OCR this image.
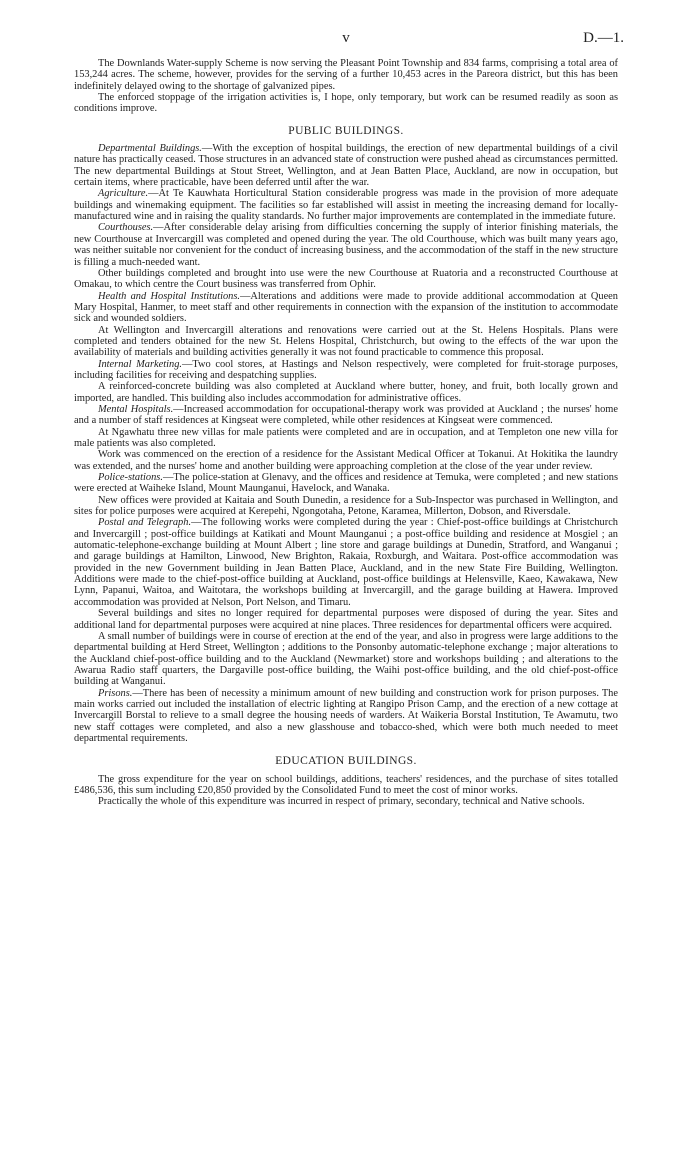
v	D.—1.

The Downlands Water-supply Scheme is now serving the Pleasant Point Township and 834 farms, comprising a total area of 153,244 acres. The scheme, however, provides for the serving of a further 10,453 acres in the Pareora district, but this has been indefinitely delayed owing to the shortage of galvanized pipes.

The enforced stoppage of the irrigation activities is, I hope, only temporary, but work can be resumed readily as soon as conditions improve.

PUBLIC BUILDINGS.

Departmental Buildings.—With the exception of hospital buildings, the erection of new departmental buildings of a civil nature has practically ceased. Those structures in an advanced state of construction were pushed ahead as circumstances permitted. The new departmental Buildings at Stout Street, Wellington, and at Jean Batten Place, Auckland, are now in occupation, but certain items, where practicable, have been deferred until after the war.

Agriculture.—At Te Kauwhata Horticultural Station considerable progress was made in the provision of more adequate buildings and winemaking equipment. The facilities so far established will assist in meeting the increasing demand for locally-manufactured wine and in raising the quality standards. No further major improvements are contemplated in the immediate future.

Courthouses.—After considerable delay arising from difficulties concerning the supply of interior finishing materials, the new Courthouse at Invercargill was completed and opened during the year. The old Courthouse, which was built many years ago, was neither suitable nor convenient for the conduct of increasing business, and the accommodation of the staff in the new structure is filling a much-needed want.

Other buildings completed and brought into use were the new Courthouse at Ruatoria and a reconstructed Courthouse at Omakau, to which centre the Court business was transferred from Ophir.

Health and Hospital Institutions.—Alterations and additions were made to provide additional accommodation at Queen Mary Hospital, Hanmer, to meet staff and other requirements in connection with the expansion of the institution to accommodate sick and wounded soldiers.

At Wellington and Invercargill alterations and renovations were carried out at the St. Helens Hospitals. Plans were completed and tenders obtained for the new St. Helens Hospital, Christchurch, but owing to the effects of the war upon the availability of materials and building activities generally it was not found practicable to commence this proposal.

Internal Marketing.—Two cool stores, at Hastings and Nelson respectively, were completed for fruit-storage purposes, including facilities for receiving and despatching supplies.

A reinforced-concrete building was also completed at Auckland where butter, honey, and fruit, both locally grown and imported, are handled. This building also includes accommodation for administrative offices.

Mental Hospitals.—Increased accommodation for occupational-therapy work was provided at Auckland ; the nurses' home and a number of staff residences at Kingseat were completed, while other residences at Kingseat were commenced.

At Ngawhatu three new villas for male patients were completed and are in occupation, and at Templeton one new villa for male patients was also completed.

Work was commenced on the erection of a residence for the Assistant Medical Officer at Tokanui. At Hokitika the laundry was extended, and the nurses' home and another building were approaching completion at the close of the year under review.

Police-stations.—The police-station at Glenavy, and the offices and residence at Temuka, were completed ; and new stations were erected at Waiheke Island, Mount Maunganui, Havelock, and Wanaka.

New offices were provided at Kaitaia and South Dunedin, a residence for a Sub-Inspector was purchased in Wellington, and sites for police purposes were acquired at Kerepehi, Ngongotaha, Petone, Karamea, Millerton, Dobson, and Riversdale.

Postal and Telegraph.—The following works were completed during the year : Chief-post-office buildings at Christchurch and Invercargill ; post-office buildings at Katikati and Mount Maunganui ; a post-office building and residence at Mosgiel ; an automatic-telephone-exchange building at Mount Albert ; line store and garage buildings at Dunedin, Stratford, and Wanganui ; and garage buildings at Hamilton, Linwood, New Brighton, Rakaia, Roxburgh, and Waitara. Post-office accommodation was provided in the new Government building in Jean Batten Place, Auckland, and in the new State Fire Building, Wellington. Additions were made to the chief-post-office building at Auckland, post-office buildings at Helensville, Kaeo, Kawakawa, New Lynn, Papanui, Waitoa, and Waitotara, the workshops building at Invercargill, and the garage building at Hawera. Improved accommodation was provided at Nelson, Port Nelson, and Timaru.

Several buildings and sites no longer required for departmental purposes were disposed of during the year. Sites and additional land for departmental purposes were acquired at nine places. Three residences for departmental officers were acquired.

A small number of buildings were in course of erection at the end of the year, and also in progress were large additions to the departmental building at Herd Street, Wellington ; additions to the Ponsonby automatic-telephone exchange ; major alterations to the Auckland chief-post-office building and to the Auckland (Newmarket) store and workshops building ; and alterations to the Awarua Radio staff quarters, the Dargaville post-office building, the Waihi post-office building, and the old chief-post-office building at Wanganui.

Prisons.—There has been of necessity a minimum amount of new building and construction work for prison purposes. The main works carried out included the installation of electric lighting at Rangipo Prison Camp, and the erection of a new cottage at Invercargill Borstal to relieve to a small degree the housing needs of warders. At Waikeria Borstal Institution, Te Awamutu, two new staff cottages were completed, and also a new glasshouse and tobacco-shed, which were both much needed to meet departmental requirements.

EDUCATION BUILDINGS.

The gross expenditure for the year on school buildings, additions, teachers' residences, and the purchase of sites totalled £486,536, this sum including £20,850 provided by the Consolidated Fund to meet the cost of minor works.

Practically the whole of this expenditure was incurred in respect of primary, secondary, technical and Native schools.
